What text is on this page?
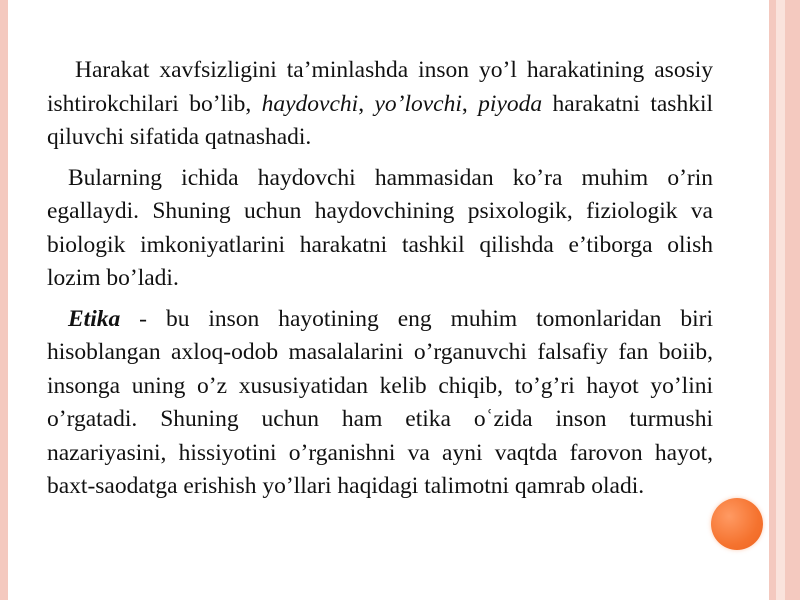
Harakat xavfsizligini ta’minlashda inson yo’l harakatining asosiy ishtirokchilari bo’lib, haydovchi, yo’lovchi, piyoda harakatni tashkil qiluvchi sifatida qatnashadi.

Bularning ichida haydovchi hammasidan ko’ra muhim o’rin egallaydi. Shuning uchun haydovchining psixologik, fiziologik va biologik imkoniyatlarini harakatni tashkil qilishda e’tiborga olish lozim bo’ladi.

Etika - bu inson hayotining eng muhim tomonlaridan biri hisoblangan axloq-odob masalalarini o’rganuvchi falsafiy fan boiib, insonga uning o’z xususiyatidan kelib chiqib, to’g’ri hayot yo’lini o’rgatadi. Shuning uchun ham etika oʿzida inson turmushi nazariyasini, hissiyotini o’rganishni va ayni vaqtda farovon hayot, baxt-saodatga erishish yo’llari haqidagi talimotni qamrab oladi.
